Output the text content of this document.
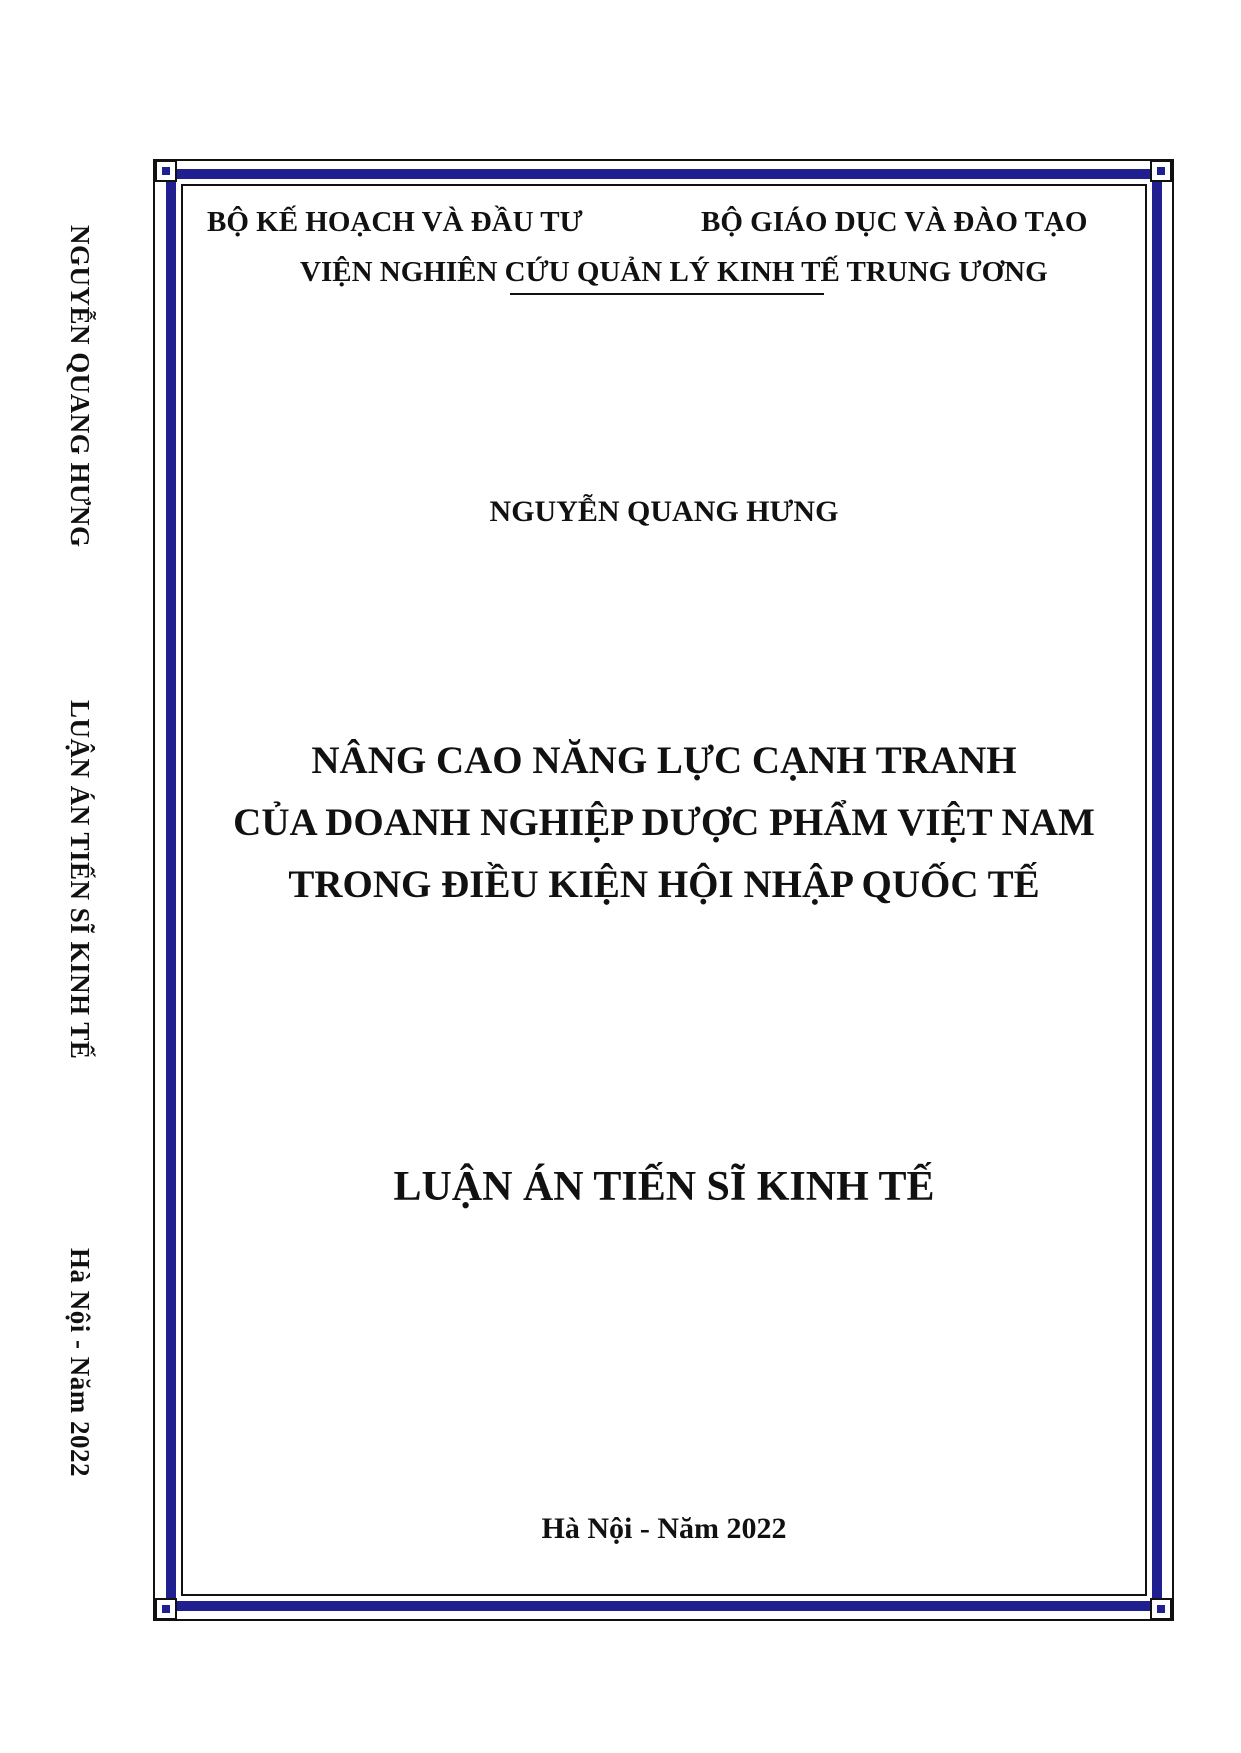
NGUYỄN QUANG HƯNG
LUẬN ÁN TIẾN SĨ KINH TẾ
Hà Nội - Năm 2022
BỘ KẾ HOẠCH VÀ ĐẦU TƯ	BỘ GIÁO DỤC VÀ ĐÀO TẠO
VIỆN NGHIÊN CỨU QUẢN LÝ KINH TẾ TRUNG ƯƠNG
NGUYỄN QUANG HƯNG
NÂNG CAO NĂNG LỰC CẠNH TRANH
CỦA DOANH NGHIỆP DƯỢC PHẨM VIỆT NAM
TRONG ĐIỀU KIỆN HỘI NHẬP QUỐC TẾ
LUẬN ÁN TIẾN SĨ KINH TẾ
Hà Nội - Năm 2022
